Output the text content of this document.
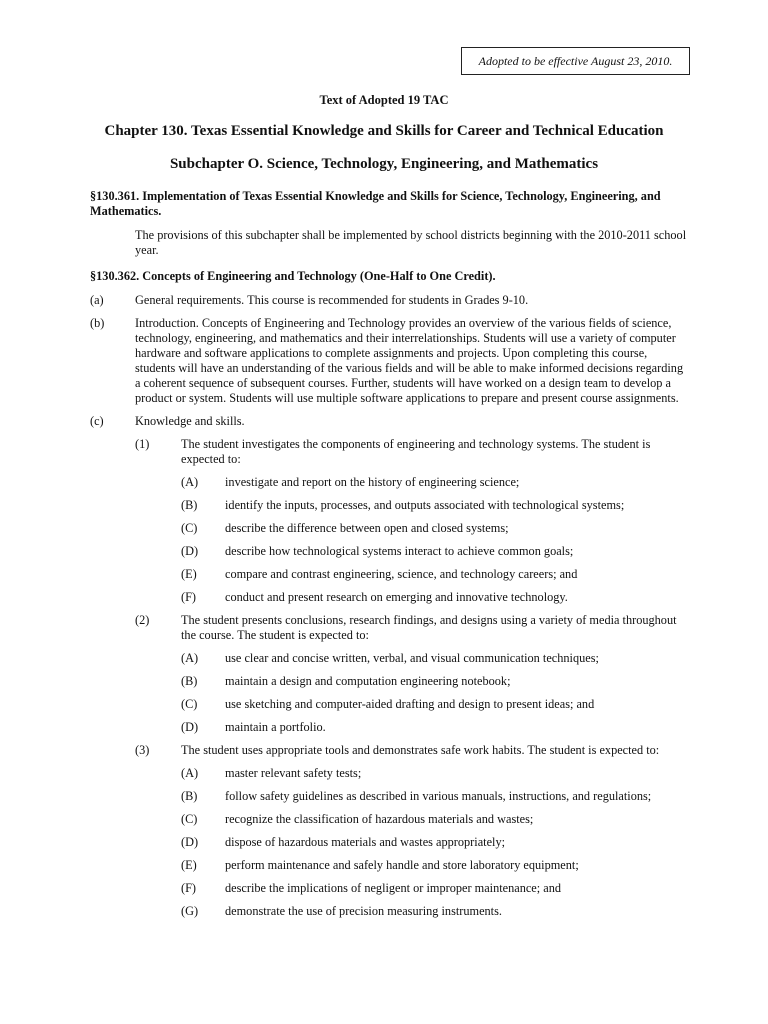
Adopted to be effective August 23, 2010.
Text of Adopted 19 TAC
Chapter 130. Texas Essential Knowledge and Skills for Career and Technical Education
Subchapter O. Science, Technology, Engineering, and Mathematics
§130.361. Implementation of Texas Essential Knowledge and Skills for Science, Technology, Engineering, and Mathematics.
The provisions of this subchapter shall be implemented by school districts beginning with the 2010-2011 school year.
§130.362. Concepts of Engineering and Technology (One-Half to One Credit).
(a)	General requirements. This course is recommended for students in Grades 9-10.
(b)	Introduction. Concepts of Engineering and Technology provides an overview of the various fields of science, technology, engineering, and mathematics and their interrelationships. Students will use a variety of computer hardware and software applications to complete assignments and projects. Upon completing this course, students will have an understanding of the various fields and will be able to make informed decisions regarding a coherent sequence of subsequent courses. Further, students will have worked on a design team to develop a product or system. Students will use multiple software applications to prepare and present course assignments.
(c)	Knowledge and skills.
(1)	The student investigates the components of engineering and technology systems. The student is expected to:
(A)	investigate and report on the history of engineering science;
(B)	identify the inputs, processes, and outputs associated with technological systems;
(C)	describe the difference between open and closed systems;
(D)	describe how technological systems interact to achieve common goals;
(E)	compare and contrast engineering, science, and technology careers; and
(F)	conduct and present research on emerging and innovative technology.
(2)	The student presents conclusions, research findings, and designs using a variety of media throughout the course. The student is expected to:
(A)	use clear and concise written, verbal, and visual communication techniques;
(B)	maintain a design and computation engineering notebook;
(C)	use sketching and computer-aided drafting and design to present ideas; and
(D)	maintain a portfolio.
(3)	The student uses appropriate tools and demonstrates safe work habits. The student is expected to:
(A)	master relevant safety tests;
(B)	follow safety guidelines as described in various manuals, instructions, and regulations;
(C)	recognize the classification of hazardous materials and wastes;
(D)	dispose of hazardous materials and wastes appropriately;
(E)	perform maintenance and safely handle and store laboratory equipment;
(F)	describe the implications of negligent or improper maintenance; and
(G)	demonstrate the use of precision measuring instruments.
